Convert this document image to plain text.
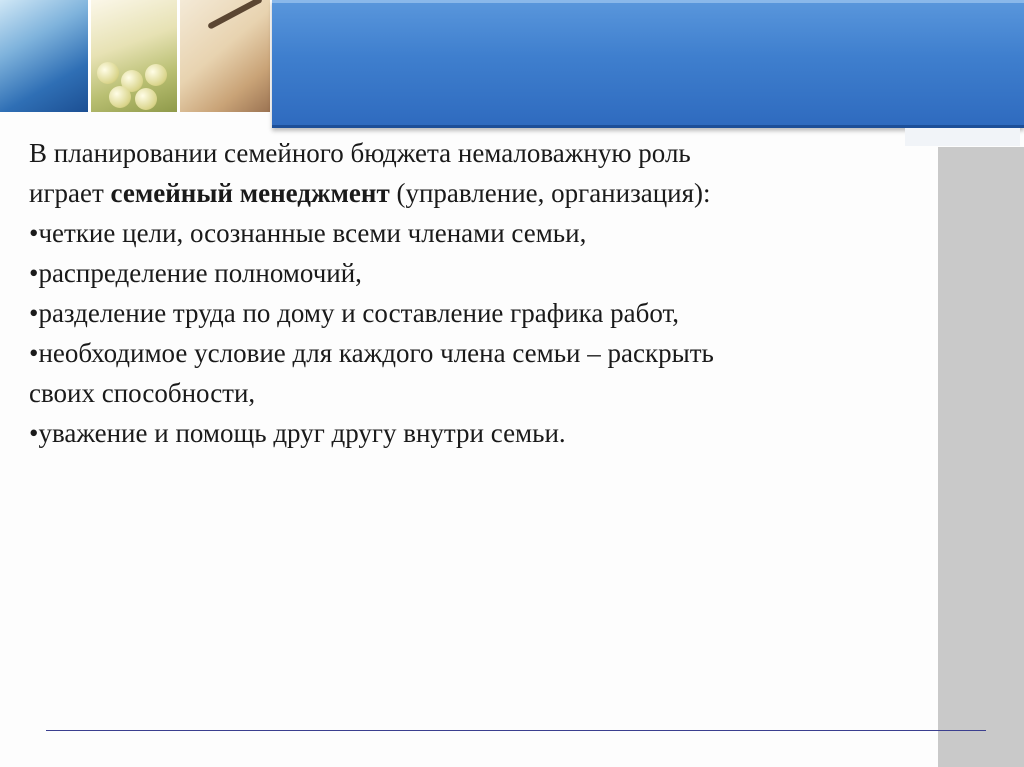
В планировании семейного бюджета немаловажную роль
играет семейный менеджмент (управление, организация):
•четкие цели, осознанные всеми членами семьи,
•распределение полномочий,
•разделение труда по дому и составление графика работ,
•необходимое условие для каждого члена семьи – раскрыть
своих способности,
•уважение и помощь друг другу внутри семьи.
